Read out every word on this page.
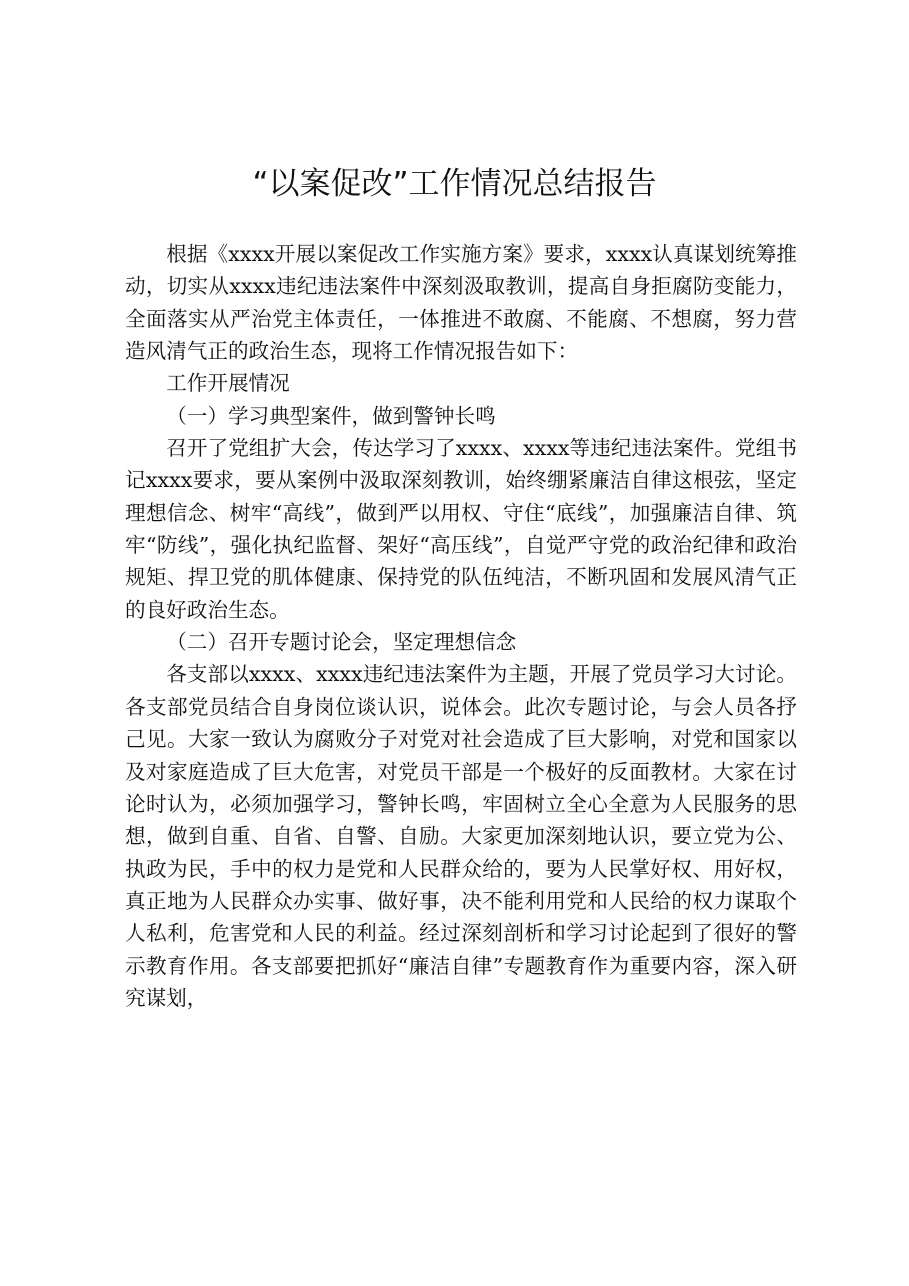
“以案促改”工作情况总结报告

根据《xxxx开展以案促改工作实施方案》要求，xxxx认真谋划统筹推动，切实从xxxx违纪违法案件中深刻汲取教训，提高自身拒腐防变能力，全面落实从严治党主体责任，一体推进不敢腐、不能腐、不想腐，努力营造风清气正的政治生态，现将工作情况报告如下：

工作开展情况
（一）学习典型案件，做到警钟长鸣

召开了党组扩大会，传达学习了xxxx、xxxx等违纪违法案件。党组书记xxxx要求，要从案例中汲取深刻教训，始终绷紧廉洁自律这根弦，坚定理想信念、树牢“高线”，做到严以用权、守住“底线”，加强廉洁自律、筑牢“防线”，强化执纪监督、架好“高压线”，自觉严守党的政治纪律和政治规矩、捍卫党的肌体健康、保持党的队伍纯洁，不断巩固和发展风清气正的良好政治生态。

（二）召开专题讨论会，坚定理想信念

各支部以xxxx、xxxx违纪违法案件为主题，开展了党员学习大讨论。各支部党员结合自身岗位谈认识，说体会。此次专题讨论，与会人员各抒己见。大家一致认为腐败分子对党对社会造成了巨大影响，对党和国家以及对家庭造成了巨大危害，对党员干部是一个极好的反面教材。大家在讨论时认为，必须加强学习，警钟长鸣，牢固树立全心全意为人民服务的思想，做到自重、自省、自警、自励。大家更加深刻地认识，要立党为公、执政为民，手中的权力是党和人民群众给的，要为人民掌好权、用好权，真正地为人民群众办实事、做好事，决不能利用党和人民给的权力谋取个人私利，危害党和人民的利益。经过深刻剖析和学习讨论起到了很好的警示教育作用。各支部要把抓好“廉洁自律”专题教育作为重要内容，深入研究谋划，
